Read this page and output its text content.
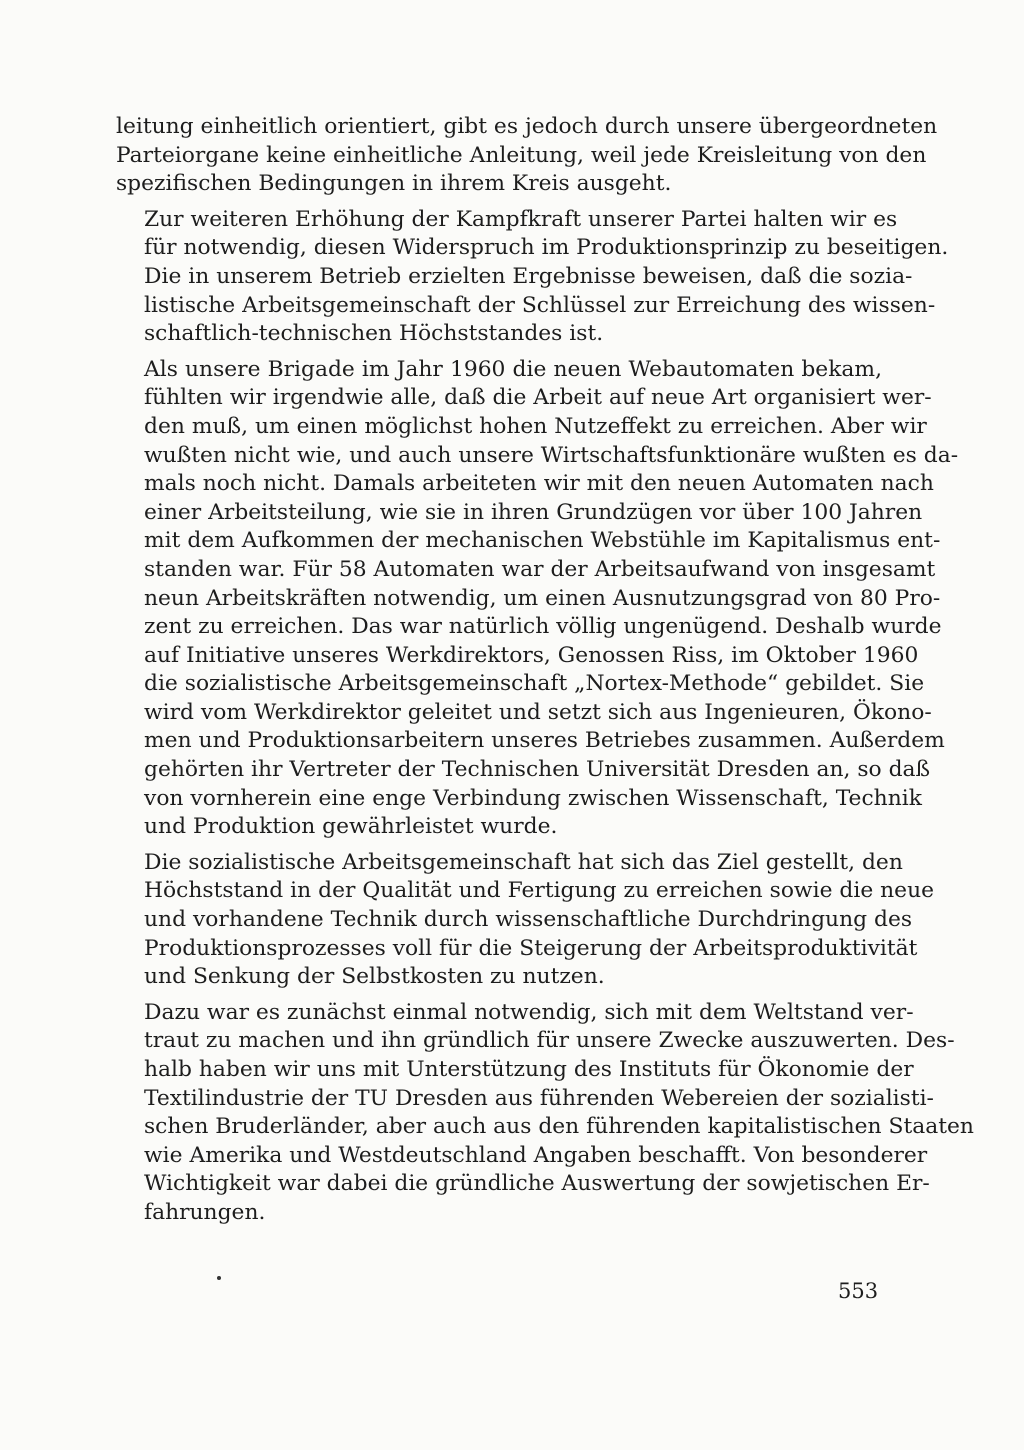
leitung einheitlich orientiert, gibt es jedoch durch unsere übergeordneten
Parteiorgane keine einheitliche Anleitung, weil jede Kreisleitung von den
spezifischen Bedingungen in ihrem Kreis ausgeht.

Zur weiteren Erhöhung der Kampfkraft unserer Partei halten wir es
für notwendig, diesen Widerspruch im Produktionsprinzip zu beseitigen.
Die in unserem Betrieb erzielten Ergebnisse beweisen, daß die sozia-
listische Arbeitsgemeinschaft der Schlüssel zur Erreichung des wissen-
schaftlich-technischen Höchststandes ist.

Als unsere Brigade im Jahr 1960 die neuen Webautomaten bekam,
fühlten wir irgendwie alle, daß die Arbeit auf neue Art organisiert wer-
den muß, um einen möglichst hohen Nutzeffekt zu erreichen. Aber wir
wußten nicht wie, und auch unsere Wirtschaftsfunktionäre wußten es da-
mals noch nicht. Damals arbeiteten wir mit den neuen Automaten nach
einer Arbeitsteilung, wie sie in ihren Grundzügen vor über 100 Jahren
mit dem Aufkommen der mechanischen Webstühle im Kapitalismus ent-
standen war. Für 58 Automaten war der Arbeitsaufwand von insgesamt
neun Arbeitskräften notwendig, um einen Ausnutzungsgrad von 80 Pro-
zent zu erreichen. Das war natürlich völlig ungenügend. Deshalb wurde
auf Initiative unseres Werkdirektors, Genossen Riss, im Oktober 1960
die sozialistische Arbeitsgemeinschaft „Nortex-Methode“ gebildet. Sie
wird vom Werkdirektor geleitet und setzt sich aus Ingenieuren, Ökono-
men und Produktionsarbeitern unseres Betriebes zusammen. Außerdem
gehörten ihr Vertreter der Technischen Universität Dresden an, so daß
von vornherein eine enge Verbindung zwischen Wissenschaft, Technik
und Produktion gewährleistet wurde.

Die sozialistische Arbeitsgemeinschaft hat sich das Ziel gestellt, den
Höchststand in der Qualität und Fertigung zu erreichen sowie die neue
und vorhandene Technik durch wissenschaftliche Durchdringung des
Produktionsprozesses voll für die Steigerung der Arbeitsproduktivität
und Senkung der Selbstkosten zu nutzen.

Dazu war es zunächst einmal notwendig, sich mit dem Weltstand ver-
traut zu machen und ihn gründlich für unsere Zwecke auszuwerten. Des-
halb haben wir uns mit Unterstützung des Instituts für Ökonomie der
Textilindustrie der TU Dresden aus führenden Webereien der sozialisti-
schen Bruderländer, aber auch aus den führenden kapitalistischen Staaten
wie Amerika und Westdeutschland Angaben beschafft. Von besonderer
Wichtigkeit war dabei die gründliche Auswertung der sowjetischen Er-
fahrungen.

553
